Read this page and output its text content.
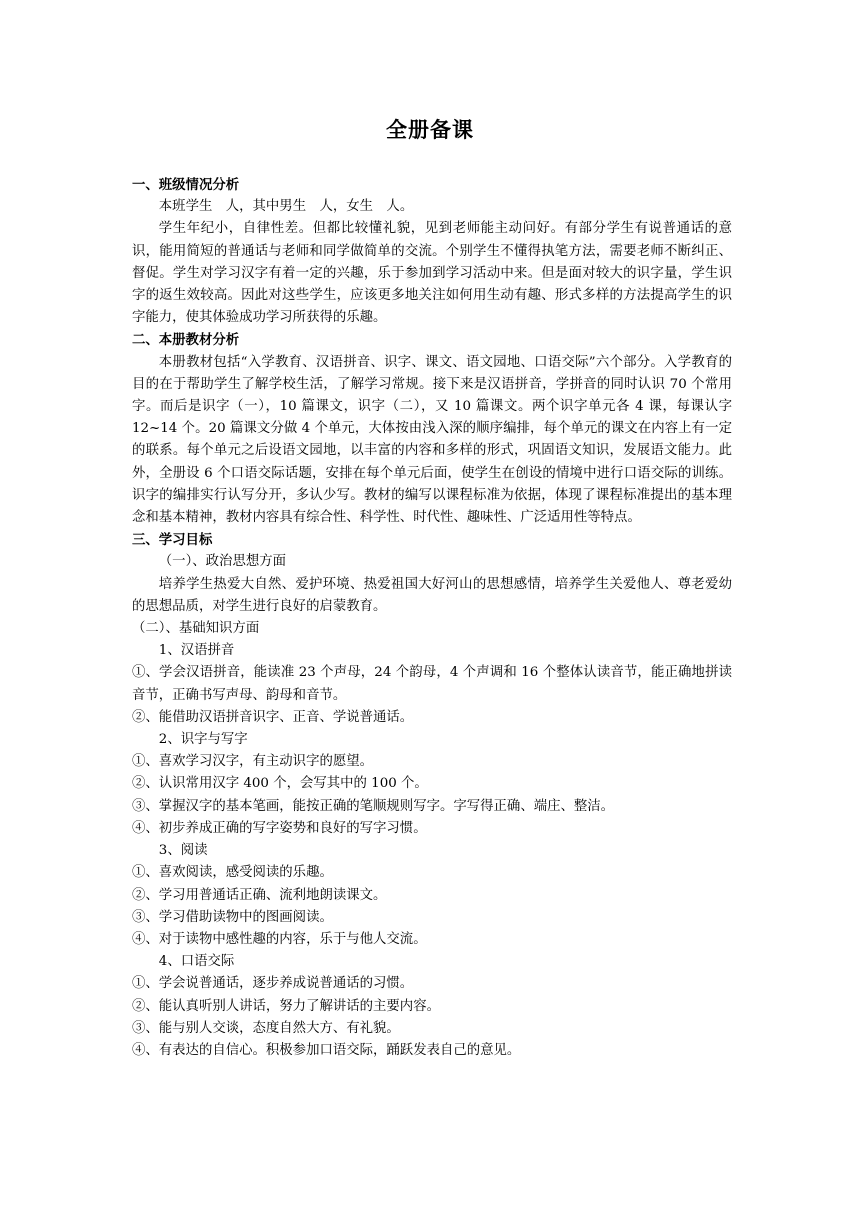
全册备课

一、班级情况分析

本班学生　人，其中男生　人，女生　人。

学生年纪小，自律性差。但都比较懂礼貌，见到老师能主动问好。有部分学生有说普通话的意识，能用简短的普通话与老师和同学做简单的交流。个别学生不懂得执笔方法，需要老师不断纠正、督促。学生对学习汉字有着一定的兴趣，乐于参加到学习活动中来。但是面对较大的识字量，学生识字的返生效较高。因此对这些学生，应该更多地关注如何用生动有趣、形式多样的方法提高学生的识字能力，使其体验成功学习所获得的乐趣。

二、本册教材分析

本册教材包括“入学教育、汉语拼音、识字、课文、语文园地、口语交际”六个部分。入学教育的目的在于帮助学生了解学校生活，了解学习常规。接下来是汉语拼音，学拼音的同时认识 70 个常用字。而后是识字（一），10 篇课文，识字（二），又 10 篇课文。两个识字单元各 4 课，每课认字 12~14 个。20 篇课文分做 4 个单元，大体按由浅入深的顺序编排，每个单元的课文在内容上有一定的联系。每个单元之后设语文园地，以丰富的内容和多样的形式，巩固语文知识，发展语文能力。此外，全册设 6 个口语交际话题，安排在每个单元后面，使学生在创设的情境中进行口语交际的训练。识字的编排实行认写分开，多认少写。教材的编写以课程标准为依据，体现了课程标准提出的基本理念和基本精神，教材内容具有综合性、科学性、时代性、趣味性、广泛适用性等特点。

三、学习目标

（一）、政治思想方面

培养学生热爱大自然、爱护环境、热爱祖国大好河山的思想感情，培养学生关爱他人、尊老爱幼的思想品质，对学生进行良好的启蒙教育。

（二）、基础知识方面

1、汉语拼音

①、学会汉语拼音，能读准 23 个声母，24 个韵母，4 个声调和 16 个整体认读音节，能正确地拼读音节，正确书写声母、韵母和音节。

②、能借助汉语拼音识字、正音、学说普通话。

2、识字与写字

①、喜欢学习汉字，有主动识字的愿望。

②、认识常用汉字 400 个，会写其中的 100 个。

③、掌握汉字的基本笔画，能按正确的笔顺规则写字。字写得正确、端庄、整洁。

④、初步养成正确的写字姿势和良好的写字习惯。

3、阅读

①、喜欢阅读，感受阅读的乐趣。

②、学习用普通话正确、流利地朗读课文。

③、学习借助读物中的图画阅读。

④、对于读物中感性趣的内容，乐于与他人交流。

4、口语交际

①、学会说普通话，逐步养成说普通话的习惯。

②、能认真听别人讲话，努力了解讲话的主要内容。

③、能与别人交谈，态度自然大方、有礼貌。

④、有表达的自信心。积极参加口语交际，踊跃发表自己的意见。
